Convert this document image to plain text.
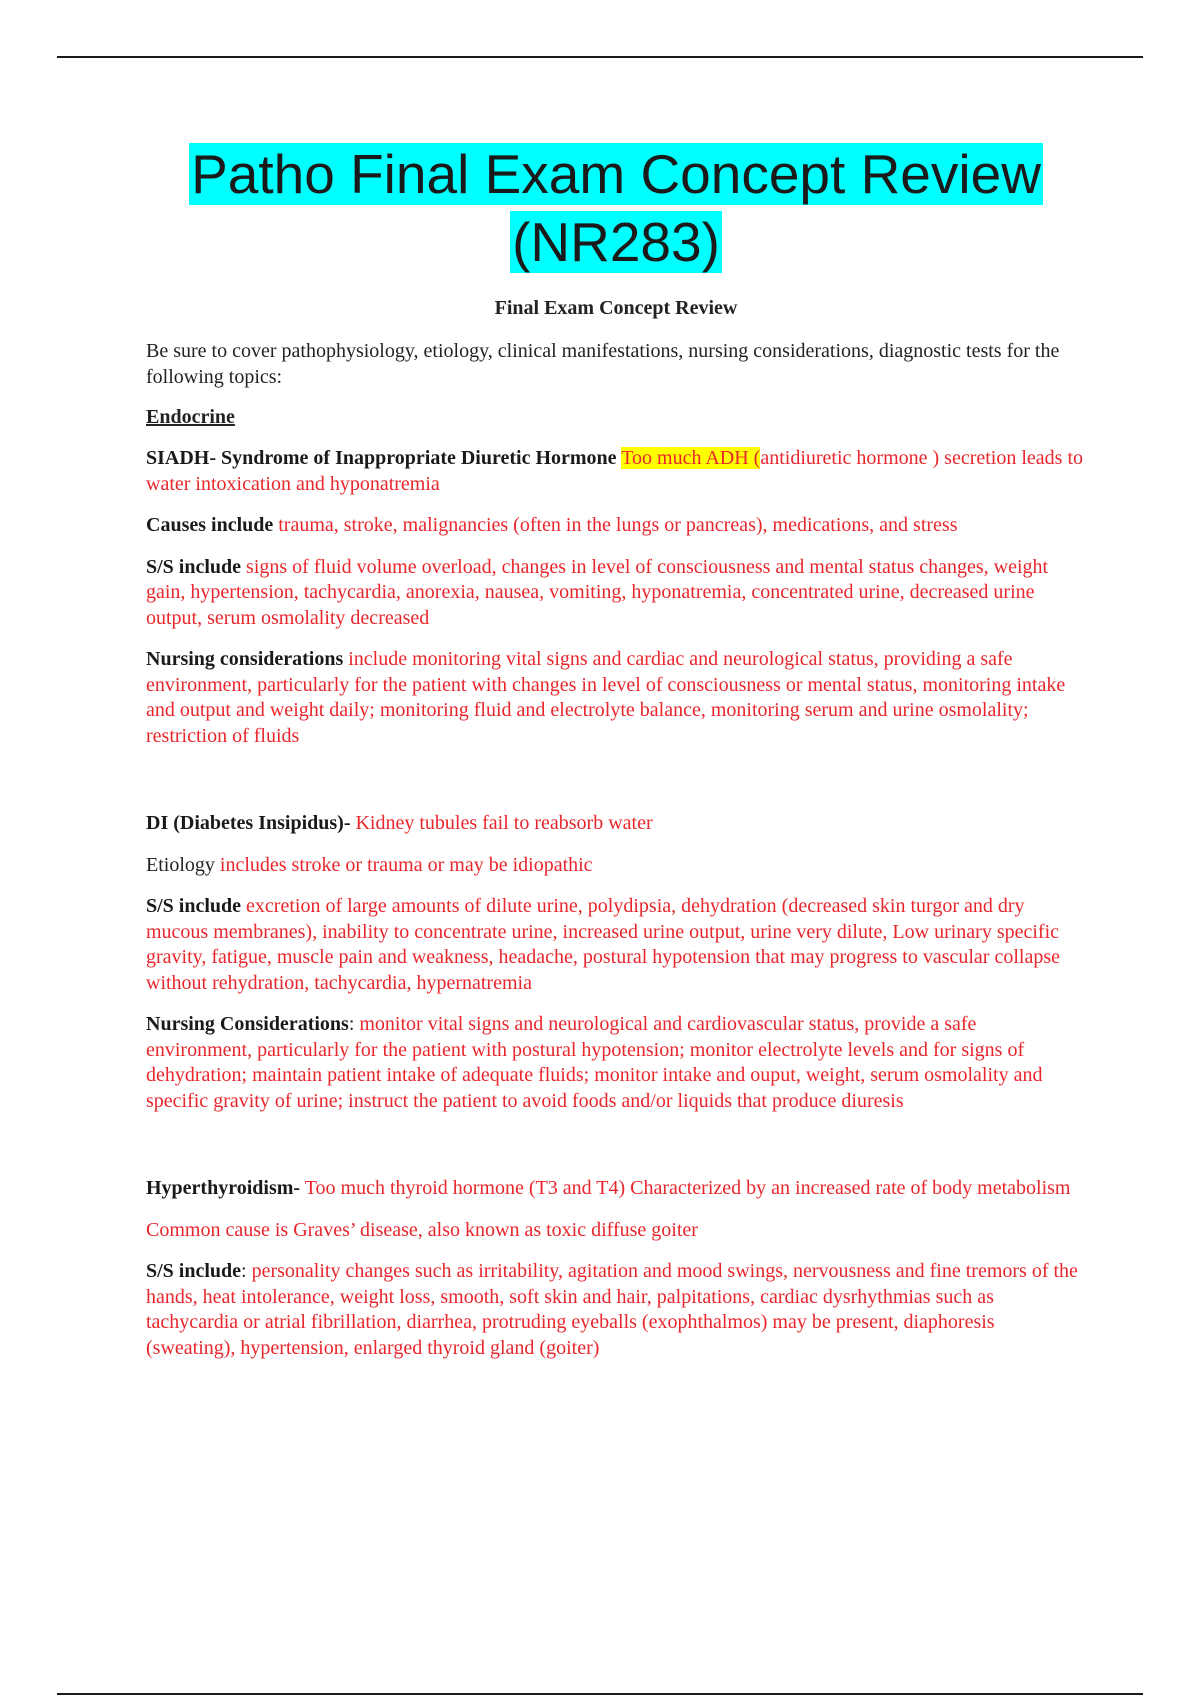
Patho Final Exam Concept Review
(NR283)
Final Exam Concept Review
Be sure to cover pathophysiology, etiology, clinical manifestations, nursing considerations, diagnostic tests for the following topics:
Endocrine

SIADH- Syndrome of Inappropriate Diuretic Hormone Too much ADH (antidiuretic hormone ) secretion leads to water intoxication and hyponatremia

Causes include trauma, stroke, malignancies (often in the lungs or pancreas), medications, and stress

S/S include signs of fluid volume overload, changes in level of consciousness and mental status changes, weight gain, hypertension, tachycardia, anorexia, nausea, vomiting, hyponatremia, concentrated urine, decreased urine output, serum osmolality decreased

Nursing considerations include monitoring vital signs and cardiac and neurological status, providing a safe environment, particularly for the patient with changes in level of consciousness or mental status, monitoring intake and output and weight daily; monitoring fluid and electrolyte balance, monitoring serum and urine osmolality; restriction of fluids

DI (Diabetes Insipidus)- Kidney tubules fail to reabsorb water

Etiology includes stroke or trauma or may be idiopathic

S/S include excretion of large amounts of dilute urine, polydipsia, dehydration (decreased skin turgor and dry mucous membranes), inability to concentrate urine, increased urine output, urine very dilute, Low urinary specific gravity, fatigue, muscle pain and weakness, headache, postural hypotension that may progress to vascular collapse without rehydration, tachycardia, hypernatremia

Nursing Considerations: monitor vital signs and neurological and cardiovascular status, provide a safe environment, particularly for the patient with postural hypotension; monitor electrolyte levels and for signs of dehydration; maintain patient intake of adequate fluids; monitor intake and ouput, weight, serum osmolality and specific gravity of urine; instruct the patient to avoid foods and/or liquids that produce diuresis

Hyperthyroidism- Too much thyroid hormone (T3 and T4) Characterized by an increased rate of body metabolism

Common cause is Graves’ disease, also known as toxic diffuse goiter

S/S include: personality changes such as irritability, agitation and mood swings, nervousness and fine tremors of the hands, heat intolerance, weight loss, smooth, soft skin and hair, palpitations, cardiac dysrhythmias such as tachycardia or atrial fibrillation, diarrhea, protruding eyeballs (exophthalmos) may be present, diaphoresis (sweating), hypertension, enlarged thyroid gland (goiter)
